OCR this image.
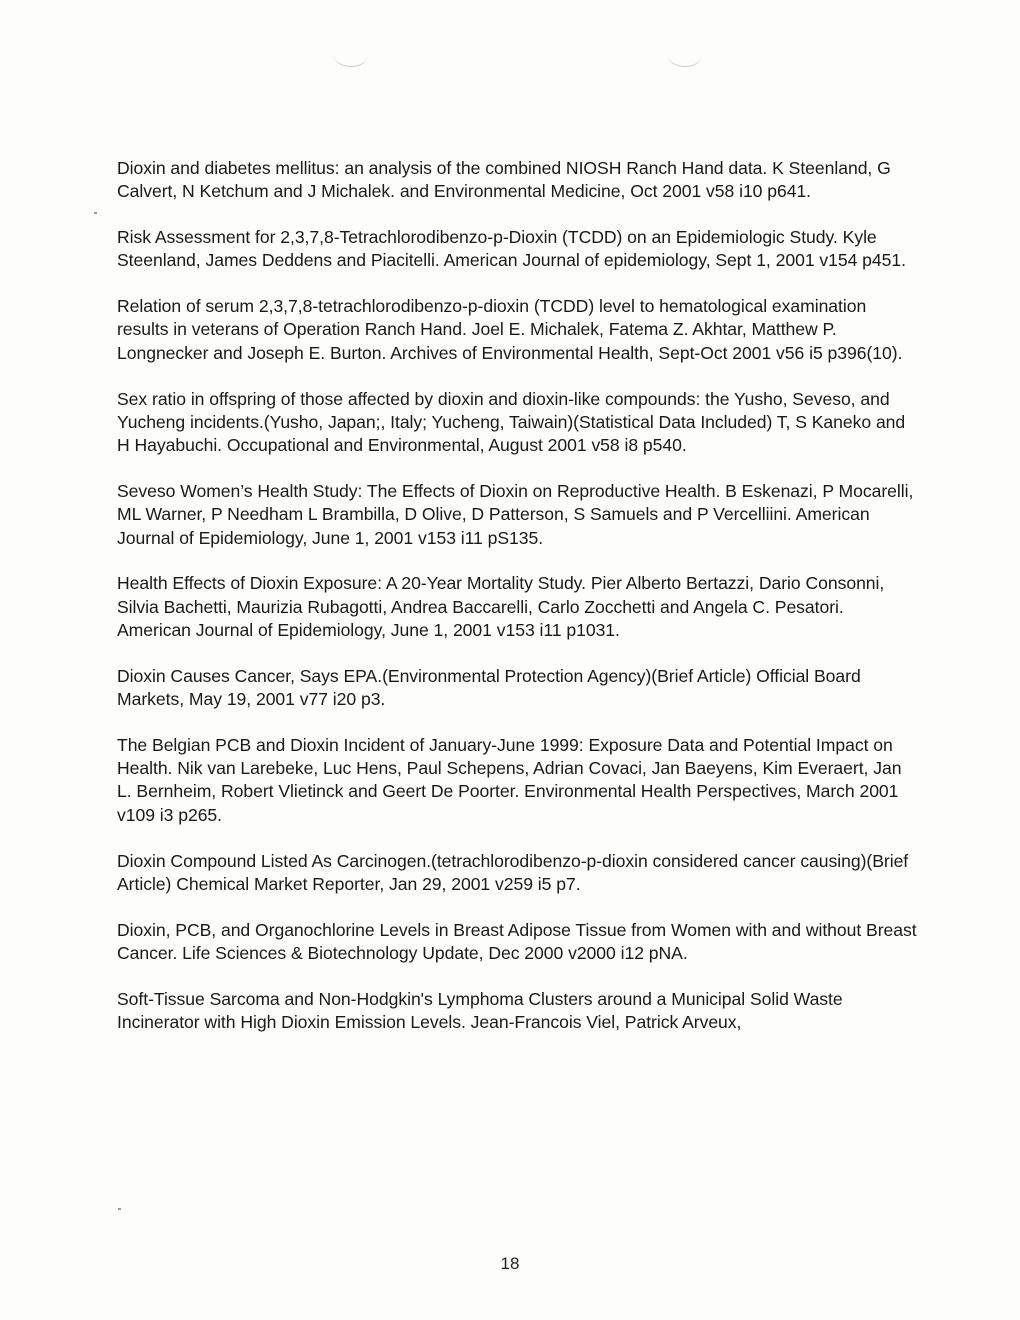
Dioxin and diabetes mellitus: an analysis of the combined NIOSH Ranch Hand data. K Steenland, G Calvert, N Ketchum and J Michalek. and Environmental Medicine, Oct 2001 v58 i10 p641.
Risk Assessment for 2,3,7,8-Tetrachlorodibenzo-p-Dioxin (TCDD) on an Epidemiologic Study. Kyle Steenland, James Deddens and Piacitelli. American Journal of epidemiology, Sept 1, 2001 v154 p451.
Relation of serum 2,3,7,8-tetrachlorodibenzo-p-dioxin (TCDD) level to hematological examination results in veterans of Operation Ranch Hand. Joel E. Michalek, Fatema Z. Akhtar, Matthew P. Longnecker and Joseph E. Burton. Archives of Environmental Health, Sept-Oct 2001 v56 i5 p396(10).
Sex ratio in offspring of those affected by dioxin and dioxin-like compounds: the Yusho, Seveso, and Yucheng incidents.(Yusho, Japan;, Italy; Yucheng, Taiwain)(Statistical Data Included) T, S Kaneko and H Hayabuchi. Occupational and Environmental, August 2001 v58 i8 p540.
Seveso Women’s Health Study: The Effects of Dioxin on Reproductive Health. B Eskenazi, P Mocarelli, ML Warner, P Needham L Brambilla, D Olive, D Patterson, S Samuels and P Vercelliini. American Journal of Epidemiology, June 1, 2001 v153 i11 pS135.
Health Effects of Dioxin Exposure: A 20-Year Mortality Study. Pier Alberto Bertazzi, Dario Consonni, Silvia Bachetti, Maurizia Rubagotti, Andrea Baccarelli, Carlo Zocchetti and Angela C. Pesatori. American Journal of Epidemiology, June 1, 2001 v153 i11 p1031.
Dioxin Causes Cancer, Says EPA.(Environmental Protection Agency)(Brief Article) Official Board Markets, May 19, 2001 v77 i20 p3.
The Belgian PCB and Dioxin Incident of January-June 1999: Exposure Data and Potential Impact on Health. Nik van Larebeke, Luc Hens, Paul Schepens, Adrian Covaci, Jan Baeyens, Kim Everaert, Jan L. Bernheim, Robert Vlietinck and Geert De Poorter. Environmental Health Perspectives, March 2001 v109 i3 p265.
Dioxin Compound Listed As Carcinogen.(tetrachlorodibenzo-p-dioxin considered cancer causing)(Brief Article) Chemical Market Reporter, Jan 29, 2001 v259 i5 p7.
Dioxin, PCB, and Organochlorine Levels in Breast Adipose Tissue from Women with and without Breast Cancer. Life Sciences & Biotechnology Update, Dec 2000 v2000 i12 pNA.
Soft-Tissue Sarcoma and Non-Hodgkin's Lymphoma Clusters around a Municipal Solid Waste Incinerator with High Dioxin Emission Levels. Jean-Francois Viel, Patrick Arveux,
18
